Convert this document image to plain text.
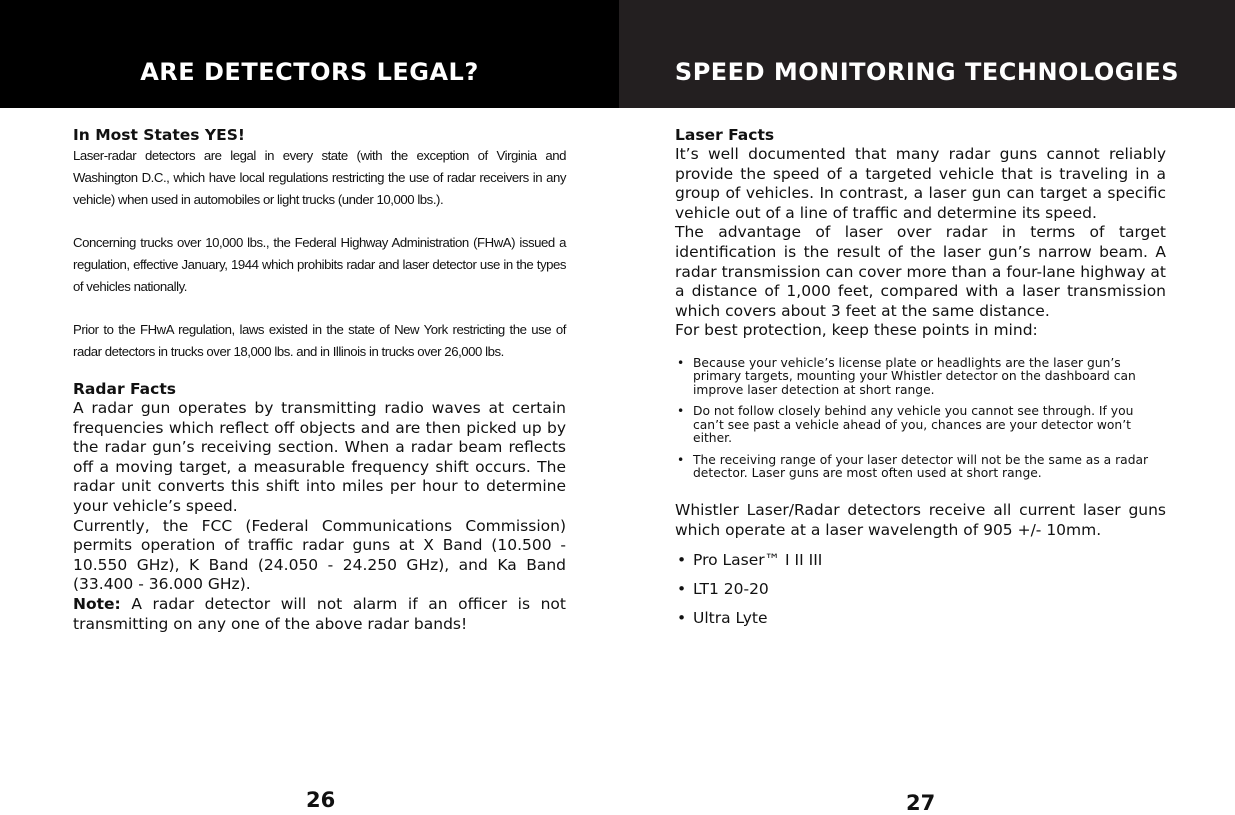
ARE DETECTORS LEGAL?	SPEED MONITORING TECHNOLOGIES
In Most States YES!

Laser-radar detectors are legal in every state (with the exception of Virginia and Washington D.C., which have local regulations restricting the use of radar receivers in any vehicle) when used in automobiles or light trucks (under 10,000 lbs.).

Concerning trucks over 10,000 lbs., the Federal Highway Administration (FHwA) issued a regulation, effective January, 1944 which prohibits radar and laser detector use in the types of vehicles nationally.

Prior to the FHwA regulation, laws existed in the state of New York restricting the use of radar detectors in trucks over 18,000 lbs. and in Illinois in trucks over 26,000 lbs.

Radar Facts

A radar gun operates by transmitting radio waves at certain frequencies which reflect off objects and are then picked up by the radar gun’s receiving section. When a radar beam reflects off a moving target, a measurable frequency shift occurs. The radar unit converts this shift into miles per hour to determine your vehicle’s speed.

Currently, the FCC (Federal Communications Commission) permits operation of traffic radar guns at X Band (10.500 - 10.550 GHz), K Band (24.050 - 24.250 GHz), and Ka Band (33.400 - 36.000 GHz).

Note: A radar detector will not alarm if an officer is not transmitting on any one of the above radar bands!

Laser Facts

It’s well documented that many radar guns cannot reliably provide the speed of a targeted vehicle that is traveling in a group of vehicles. In contrast, a laser gun can target a specific vehicle out of a line of traffic and determine its speed.

The advantage of laser over radar in terms of target identification is the result of the laser gun’s narrow beam. A radar transmission can cover more than a four-lane highway at a distance of 1,000 feet, compared with a laser transmission which covers about 3 feet at the same distance.

For best protection, keep these points in mind:

• Because your vehicle’s license plate or headlights are the laser gun’s primary targets, mounting your Whistler detector on the dashboard can improve laser detection at short range.
• Do not follow closely behind any vehicle you cannot see through. If you can’t see past a vehicle ahead of you, chances are your detector won’t either.
• The receiving range of your laser detector will not be the same as a radar detector. Laser guns are most often used at short range.
Whistler Laser/Radar detectors receive all current laser guns which operate at a laser wavelength of 905 +/- 10mm.
• Pro Laser™ I II III
• LT1 20-20
• Ultra Lyte
26	27
